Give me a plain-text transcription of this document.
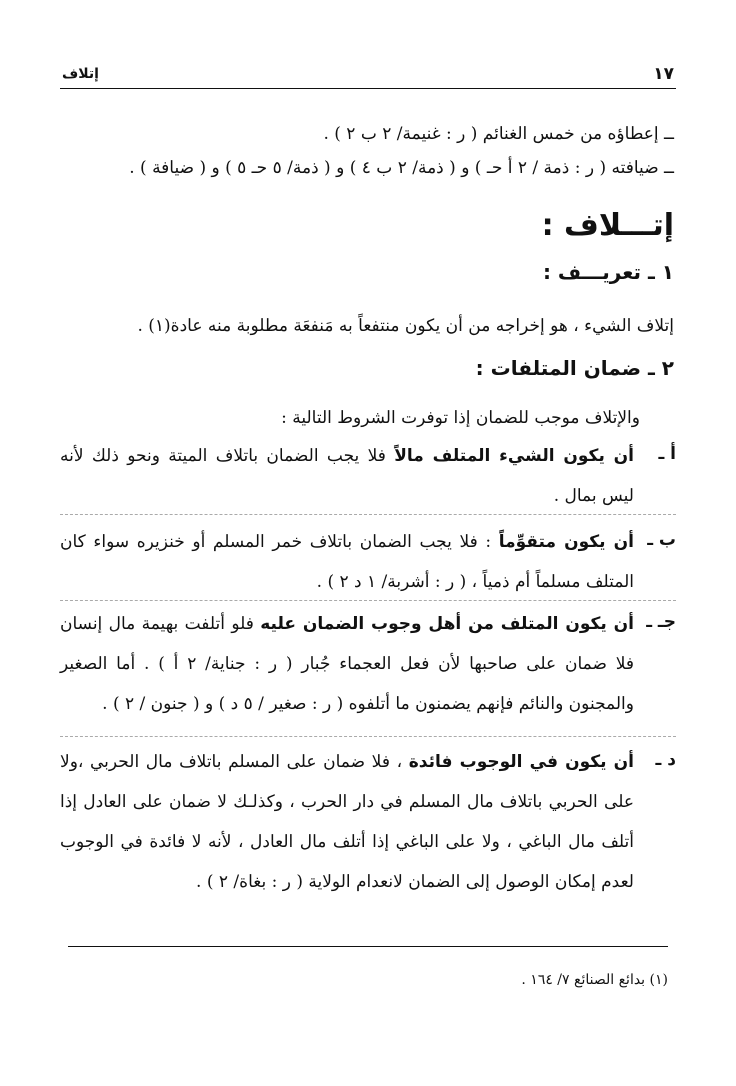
١٧
إتلاف
ــ إعطاؤه من خمس الغنائم ( ر : غنيمة/ ٢ ب ٢ ) .
ــ ضيافته ( ر : ذمة / ٢ أ حـ ) و ( ذمة/ ٢ ب ٤ ) و ( ذمة/ ٥ حـ ٥ ) و ( ضيافة ) .
إتـــلاف :
١ ـ تعريـــف :
إتلاف الشيء ، هو إخراجه من أن يكون منتفعاً به مَنفعَة مطلوبة منه عادة(١) .
٢ ـ ضمان المتلفات :
والإتلاف موجب للضمان إذا توفرت الشروط التالية :
أ ـ
أن يكون الشيء المتلف مالاًفلا يجب الضمان باتلاف الميتة ونحو ذلك لأنه ليس بمال .
ب ـ
أن يكون متقوِّماً: فلا يجب الضمان باتلاف خمر المسلم أو خنزيره سواء كان المتلف مسلماً أم ذمياً ، ( ر : أشربة/ ١ د ٢ ) .
جـ ـ
أن يكون المتلف من أهل وجوب الضمان عليهفلو أتلفت بهيمة مال إنسان فلا ضمان على صاحبها لأن فعل العجماء جُبار ( ر : جناية/ ٢ أ ) . أما الصغير والمجنون والنائم فإنهم يضمنون ما أتلفوه ( ر : صغير / ٥ د ) و ( جنون / ٢ ) .
د ـ
أن يكون في الوجوب فائدة، فلا ضمان على المسلم باتلاف مال الحربي ،ولا على الحربي باتلاف مال المسلم في دار الحرب ، وكذلـك لا ضمان على العادل إذا أتلف مال الباغي ، ولا على الباغي إذا أتلف مال العادل ، لأنه لا فائدة في الوجوب لعدم إمكان الوصول إلى الضمان لانعدام الولاية ( ر : بغاة/ ٢ ) .
(١) بدائع الصنائع ٧/ ١٦٤ .
